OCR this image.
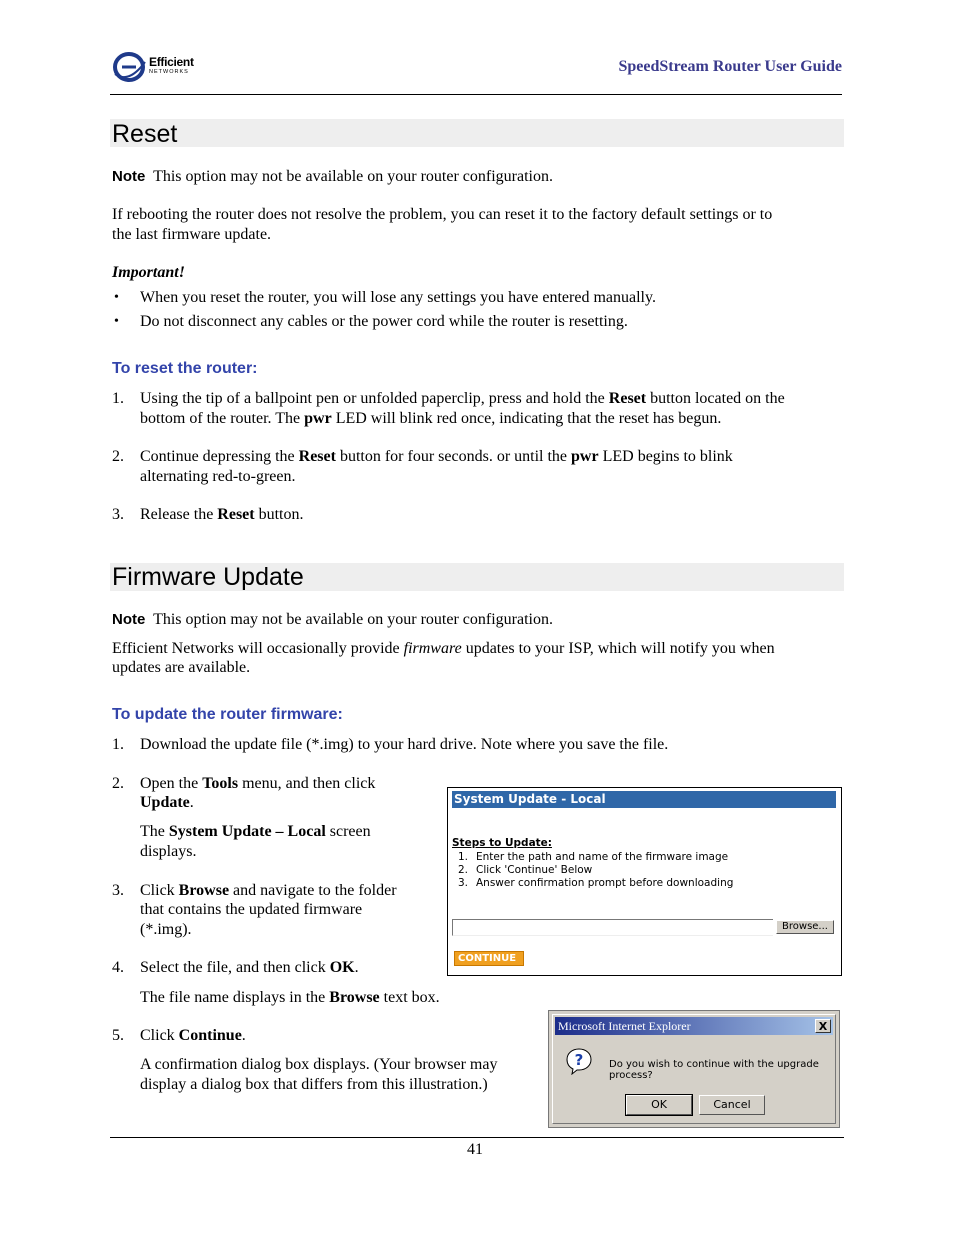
Efficient
NETWORKS	SpeedStream Router User Guide
Reset
Note This option may not be available on your router configuration.
If rebooting the router does not resolve the problem, you can reset it to the factory default settings or to
the last firmware update.
Important!
• When you reset the router, you will lose any settings you have entered manually.
• Do not disconnect any cables or the power cord while the router is resetting.
To reset the router:
1. Using the tip of a ballpoint pen or unfolded paperclip, press and hold the Reset button located on the
bottom of the router. The pwr LED will blink red once, indicating that the reset has begun.
2. Continue depressing the Reset button for four seconds. or until the pwr LED begins to blink
alternating red-to-green.
3. Release the Reset button.
Firmware Update
Note This option may not be available on your router configuration.
Efficient Networks will occasionally provide firmware updates to your ISP, which will notify you when
updates are available.
To update the router firmware:
1. Download the update file (*.img) to your hard drive. Note where you save the file.
2. Open the Tools menu, and then click
Update.
The System Update – Local screen
displays.
3. Click Browse and navigate to the folder
that contains the updated firmware
(*.img).
4. Select the file, and then click OK.
The file name displays in the Browse text box.
5. Click Continue.
A confirmation dialog box displays. (Your browser may
display a dialog box that differs from this illustration.)
System Update - Local
Steps to Update:
1. Enter the path and name of the firmware image
2. Click 'Continue' Below
3. Answer confirmation prompt before downloading
Browse...
CONTINUE >>
Microsoft Internet Explorer	X
?	Do you wish to continue with the upgrade process?
OK	Cancel
41
